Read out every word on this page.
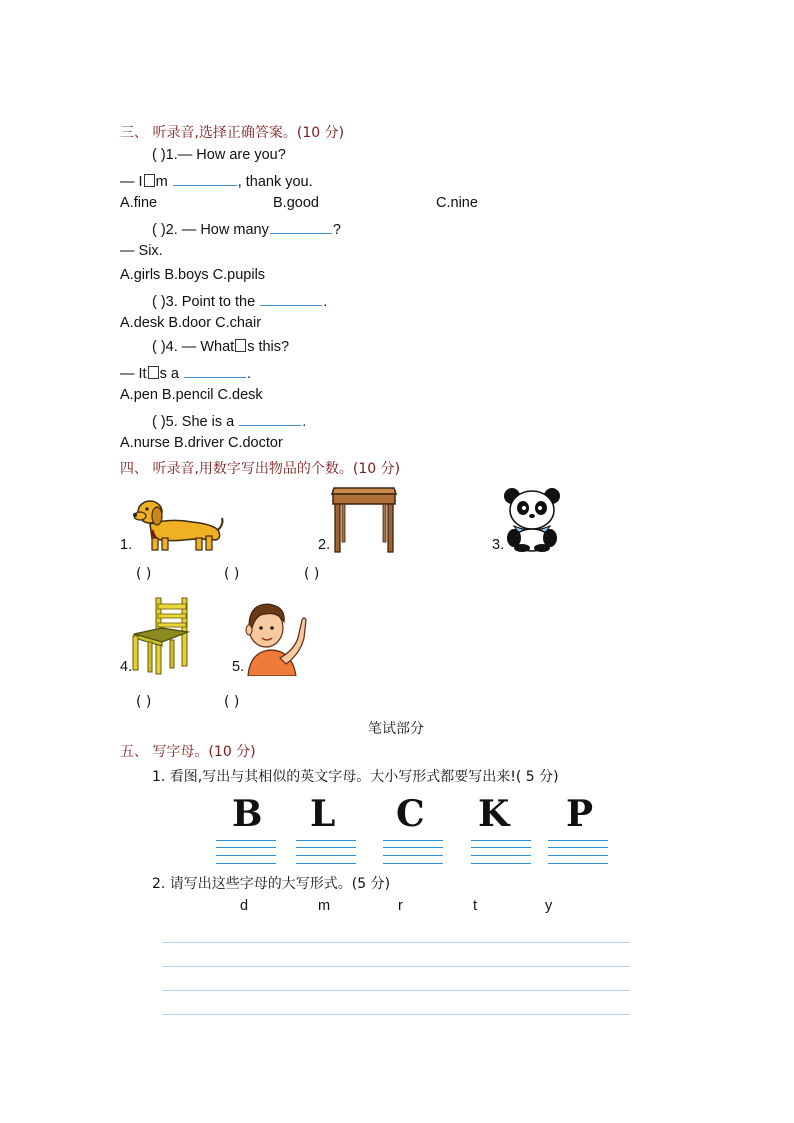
三、 听录音,选择正确答案。(10 分)
( )1.— How are you?
— I m	, thank you.
A.fine	B.good	C.nine
( )2. — How many	?
— Six.
A.girls B.boys C.pupils
( )3. Point to the	.
A.desk B.door C.chair
( )4. — What s this?
— It s a	.
A.pen B.pencil C.desk
( )5. She is a	.
A.nurse B.driver C.doctor
四、 听录音,用数字写出物品的个数。(10 分)
1.	2.	3.
( )	( )	( )
4.	5.
( )	( )
笔试部分
五、 写字母。(10 分)
1. 看图,写出与其相似的英文字母。大小写形式都要写出来!( 5 分)
B L C K P
2. 请写出这些字母的大写形式。(5 分)
d	m	r	t	y
